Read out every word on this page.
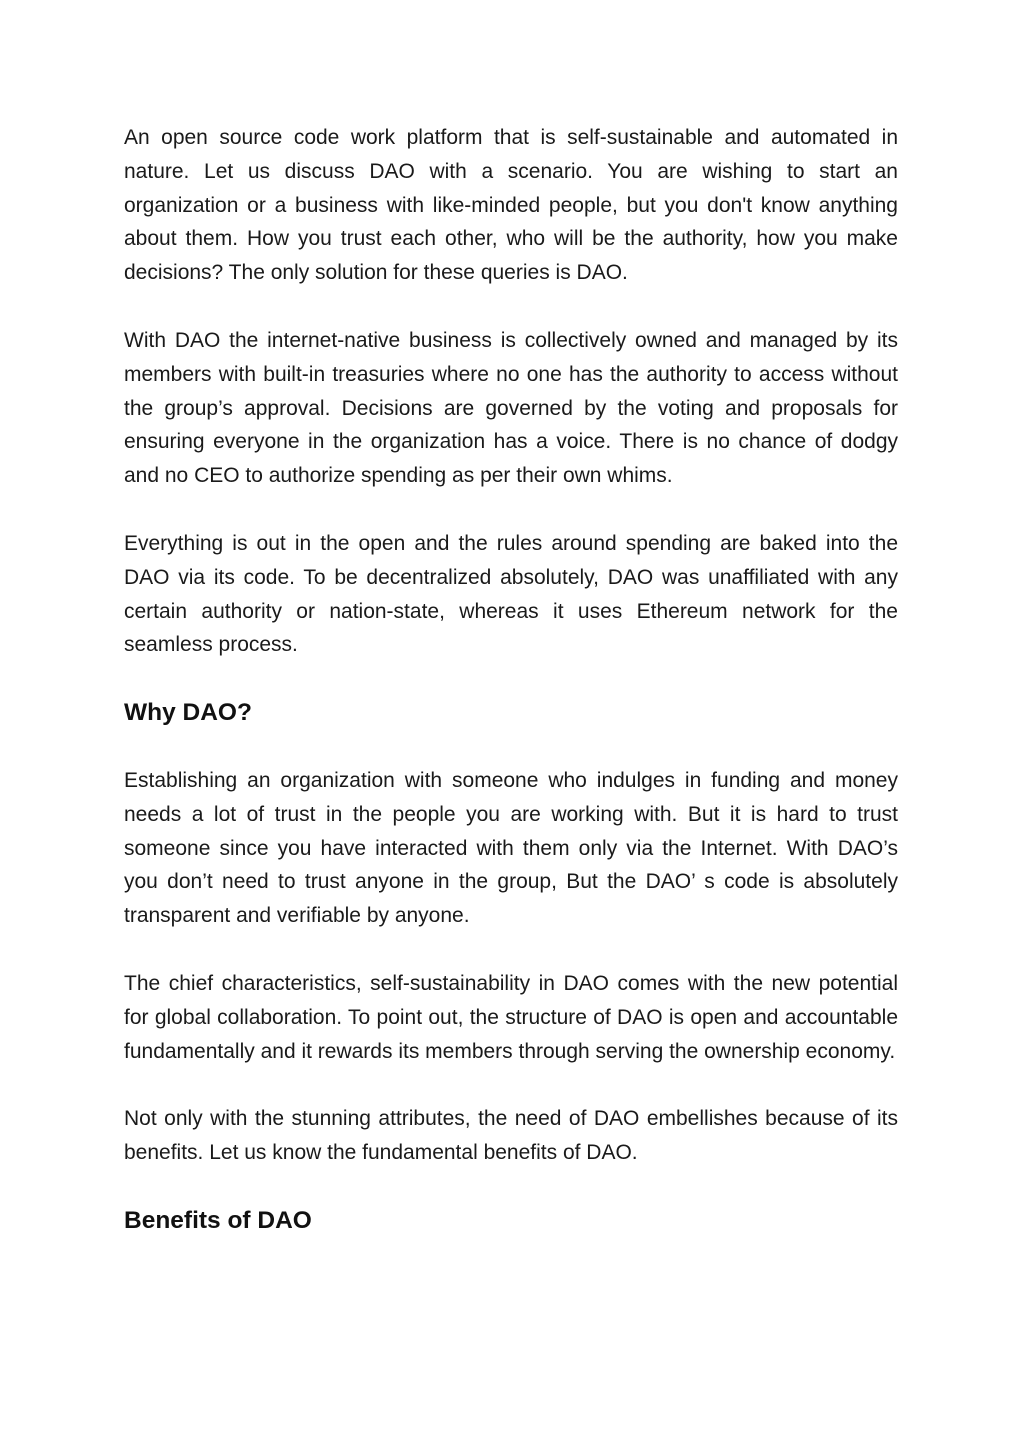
An open source code work platform that is self-sustainable and automated in nature. Let us discuss DAO with a scenario. You are wishing to start an organization or a business with like-minded people, but you don't know anything about them. How you trust each other, who will be the authority, how you make decisions? The only solution for these queries is DAO.

With DAO the internet-native business is collectively owned and managed by its members with built-in treasuries where no one has the authority to access without the group’s approval. Decisions are governed by the voting and proposals for ensuring everyone in the organization has a voice. There is no chance of dodgy and no CEO to authorize spending as per their own whims.

Everything is out in the open and the rules around spending are baked into the DAO via its code. To be decentralized absolutely, DAO was unaffiliated with any certain authority or nation-state, whereas it uses Ethereum network for the seamless process.

Why DAO?

Establishing an organization with someone who indulges in funding and money needs a lot of trust in the people you are working with. But it is hard to trust someone since you have interacted with them only via the Internet. With DAO’s you don’t need to trust anyone in the group, But the DAO’ s code is absolutely transparent and verifiable by anyone.

The chief characteristics, self-sustainability in DAO comes with the new potential for global collaboration. To point out, the structure of DAO is open and accountable fundamentally and it rewards its members through serving the ownership economy.

Not only with the stunning attributes, the need of DAO embellishes because of its benefits. Let us know the fundamental benefits of DAO.

Benefits of DAO
